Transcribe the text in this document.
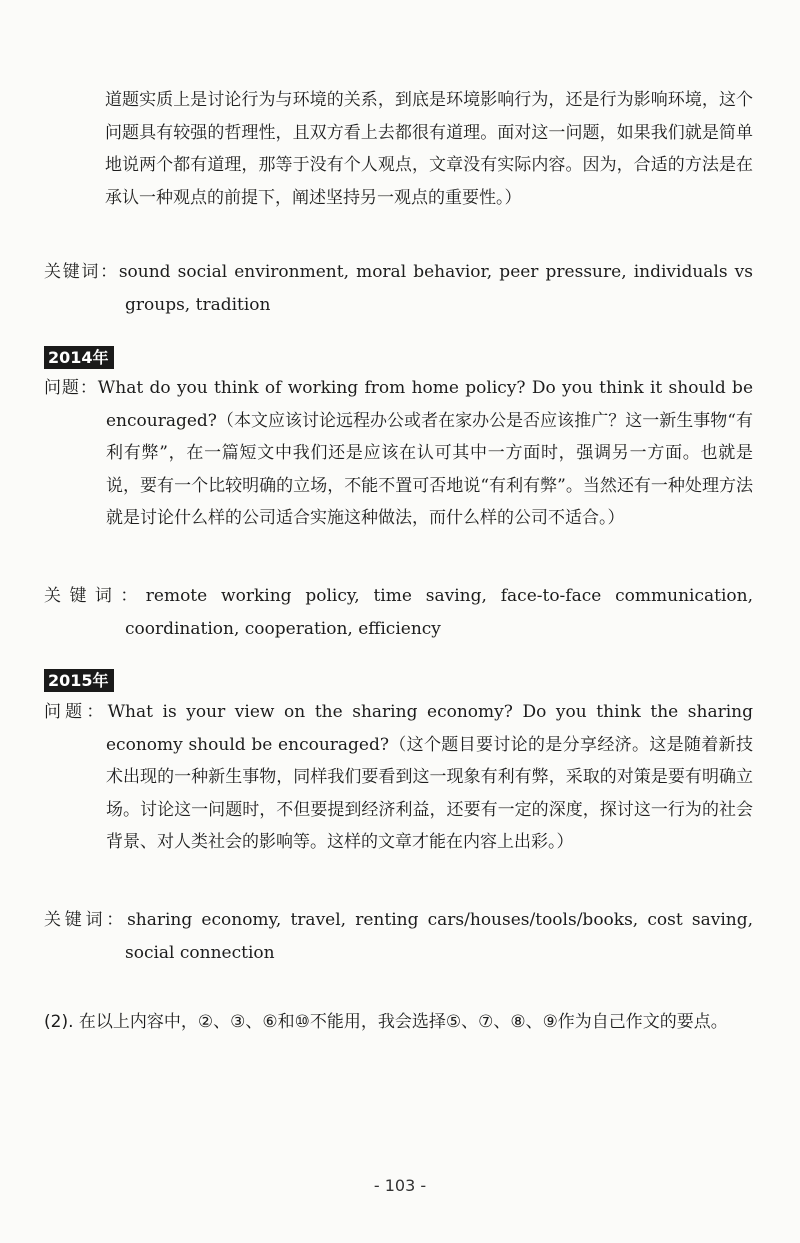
道题实质上是讨论行为与环境的关系，到底是环境影响行为，还是行为影响环境，这个问题具有较强的哲理性，且双方看上去都很有道理。面对这一问题，如果我们就是简单地说两个都有道理，那等于没有个人观点，文章没有实际内容。因为，合适的方法是在承认一种观点的前提下，阐述坚持另一观点的重要性。）

关键词：sound social environment, moral behavior, peer pressure, individuals vs groups, tradition

2014年

问题：What do you think of working from home policy? Do you think it should be encouraged?（本文应该讨论远程办公或者在家办公是否应该推广？这一新生事物“有利有弊”，在一篇短文中我们还是应该在认可其中一方面时，强调另一方面。也就是说，要有一个比较明确的立场，不能不置可否地说“有利有弊”。当然还有一种处理方法就是讨论什么样的公司适合实施这种做法，而什么样的公司不适合。）

关键词：remote working policy, time saving, face-to-face communication, coordination, cooperation, efficiency

2015年

问题：What is your view on the sharing economy? Do you think the sharing economy should be encouraged?（这个题目要讨论的是分享经济。这是随着新技术出现的一种新生事物，同样我们要看到这一现象有利有弊，采取的对策是要有明确立场。讨论这一问题时，不但要提到经济利益，还要有一定的深度，探讨这一行为的社会背景、对人类社会的影响等。这样的文章才能在内容上出彩。）

关键词：sharing economy, travel, renting cars/houses/tools/books, cost saving, social connection

(2). 在以上内容中，②、③、⑥和⑩不能用，我会选择⑤、⑦、⑧、⑨作为自己作文的要点。

- 103 -
